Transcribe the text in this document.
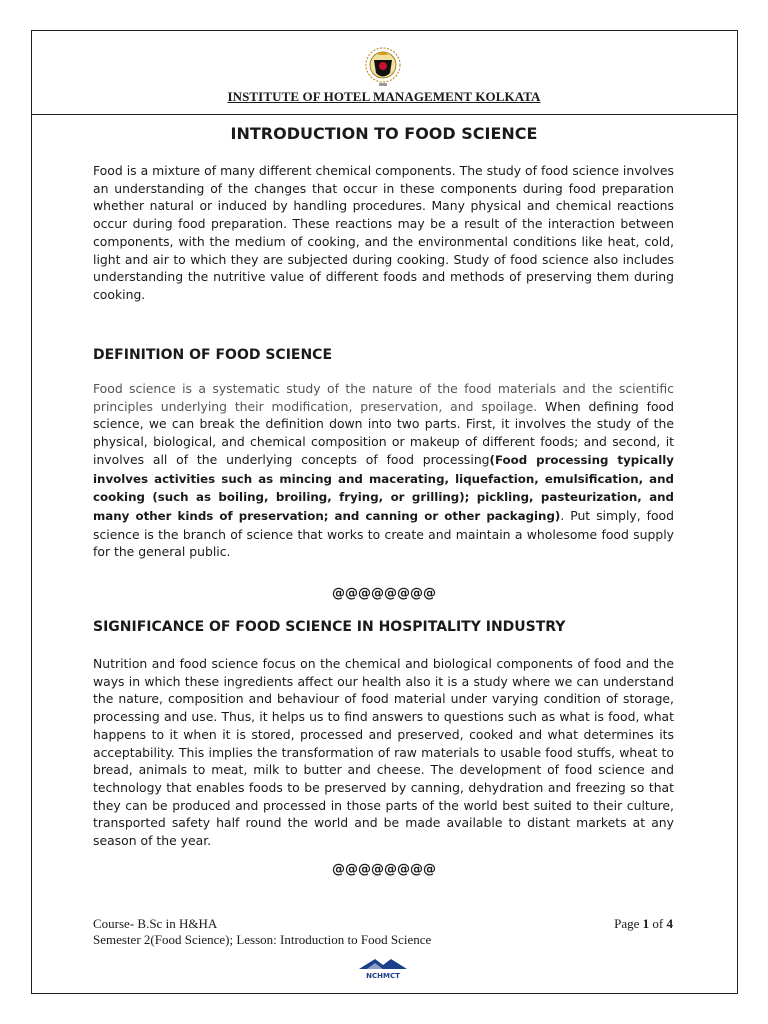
INSTITUTE OF HOTEL MANAGEMENT KOLKATA
INTRODUCTION TO FOOD SCIENCE

Food is a mixture of many different chemical components. The study of food science involves an understanding of the changes that occur in these components during food preparation whether natural or induced by handling procedures. Many physical and chemical reactions occur during food preparation. These reactions may be a result of the interaction between components, with the medium of cooking, and the environmental conditions like heat, cold, light and air to which they are subjected during cooking. Study of food science also includes understanding the nutritive value of different foods and methods of preserving them during cooking.

DEFINITION OF FOOD SCIENCE

Food science is a systematic study of the nature of the food materials and the scientific principles underlying their modification, preservation, and spoilage. When defining food science, we can break the definition down into two parts. First, it involves the study of the physical, biological, and chemical composition or makeup of different foods; and second, it involves all of the underlying concepts of food processing(Food processing typically involves activities such as mincing and macerating, liquefaction, emulsification, and cooking (such as boiling, broiling, frying, or grilling); pickling, pasteurization, and many other kinds of preservation; and canning or other packaging). Put simply, food science is the branch of science that works to create and maintain a wholesome food supply for the general public.

@@@@@@@@
SIGNIFICANCE OF FOOD SCIENCE IN HOSPITALITY INDUSTRY

Nutrition and food science focus on the chemical and biological components of food and the ways in which these ingredients affect our health also it is a study where we can understand the nature, composition and behaviour of food material under varying condition of storage, processing and use. Thus, it helps us to find answers to questions such as what is food, what happens to it when it is stored, processed and preserved, cooked and what determines its acceptability. This implies the transformation of raw materials to usable food stuffs, wheat to bread, animals to meat, milk to butter and cheese. The development of food science and technology that enables foods to be preserved by canning, dehydration and freezing so that they can be produced and processed in those parts of the world best suited to their culture, transported safety half round the world and be made available to distant markets at any season of the year.

@@@@@@@@
Course- B.Sc in H&HA	Page 1 of 4
Semester 2(Food Science); Lesson: Introduction to Food Science
NCHMCT
